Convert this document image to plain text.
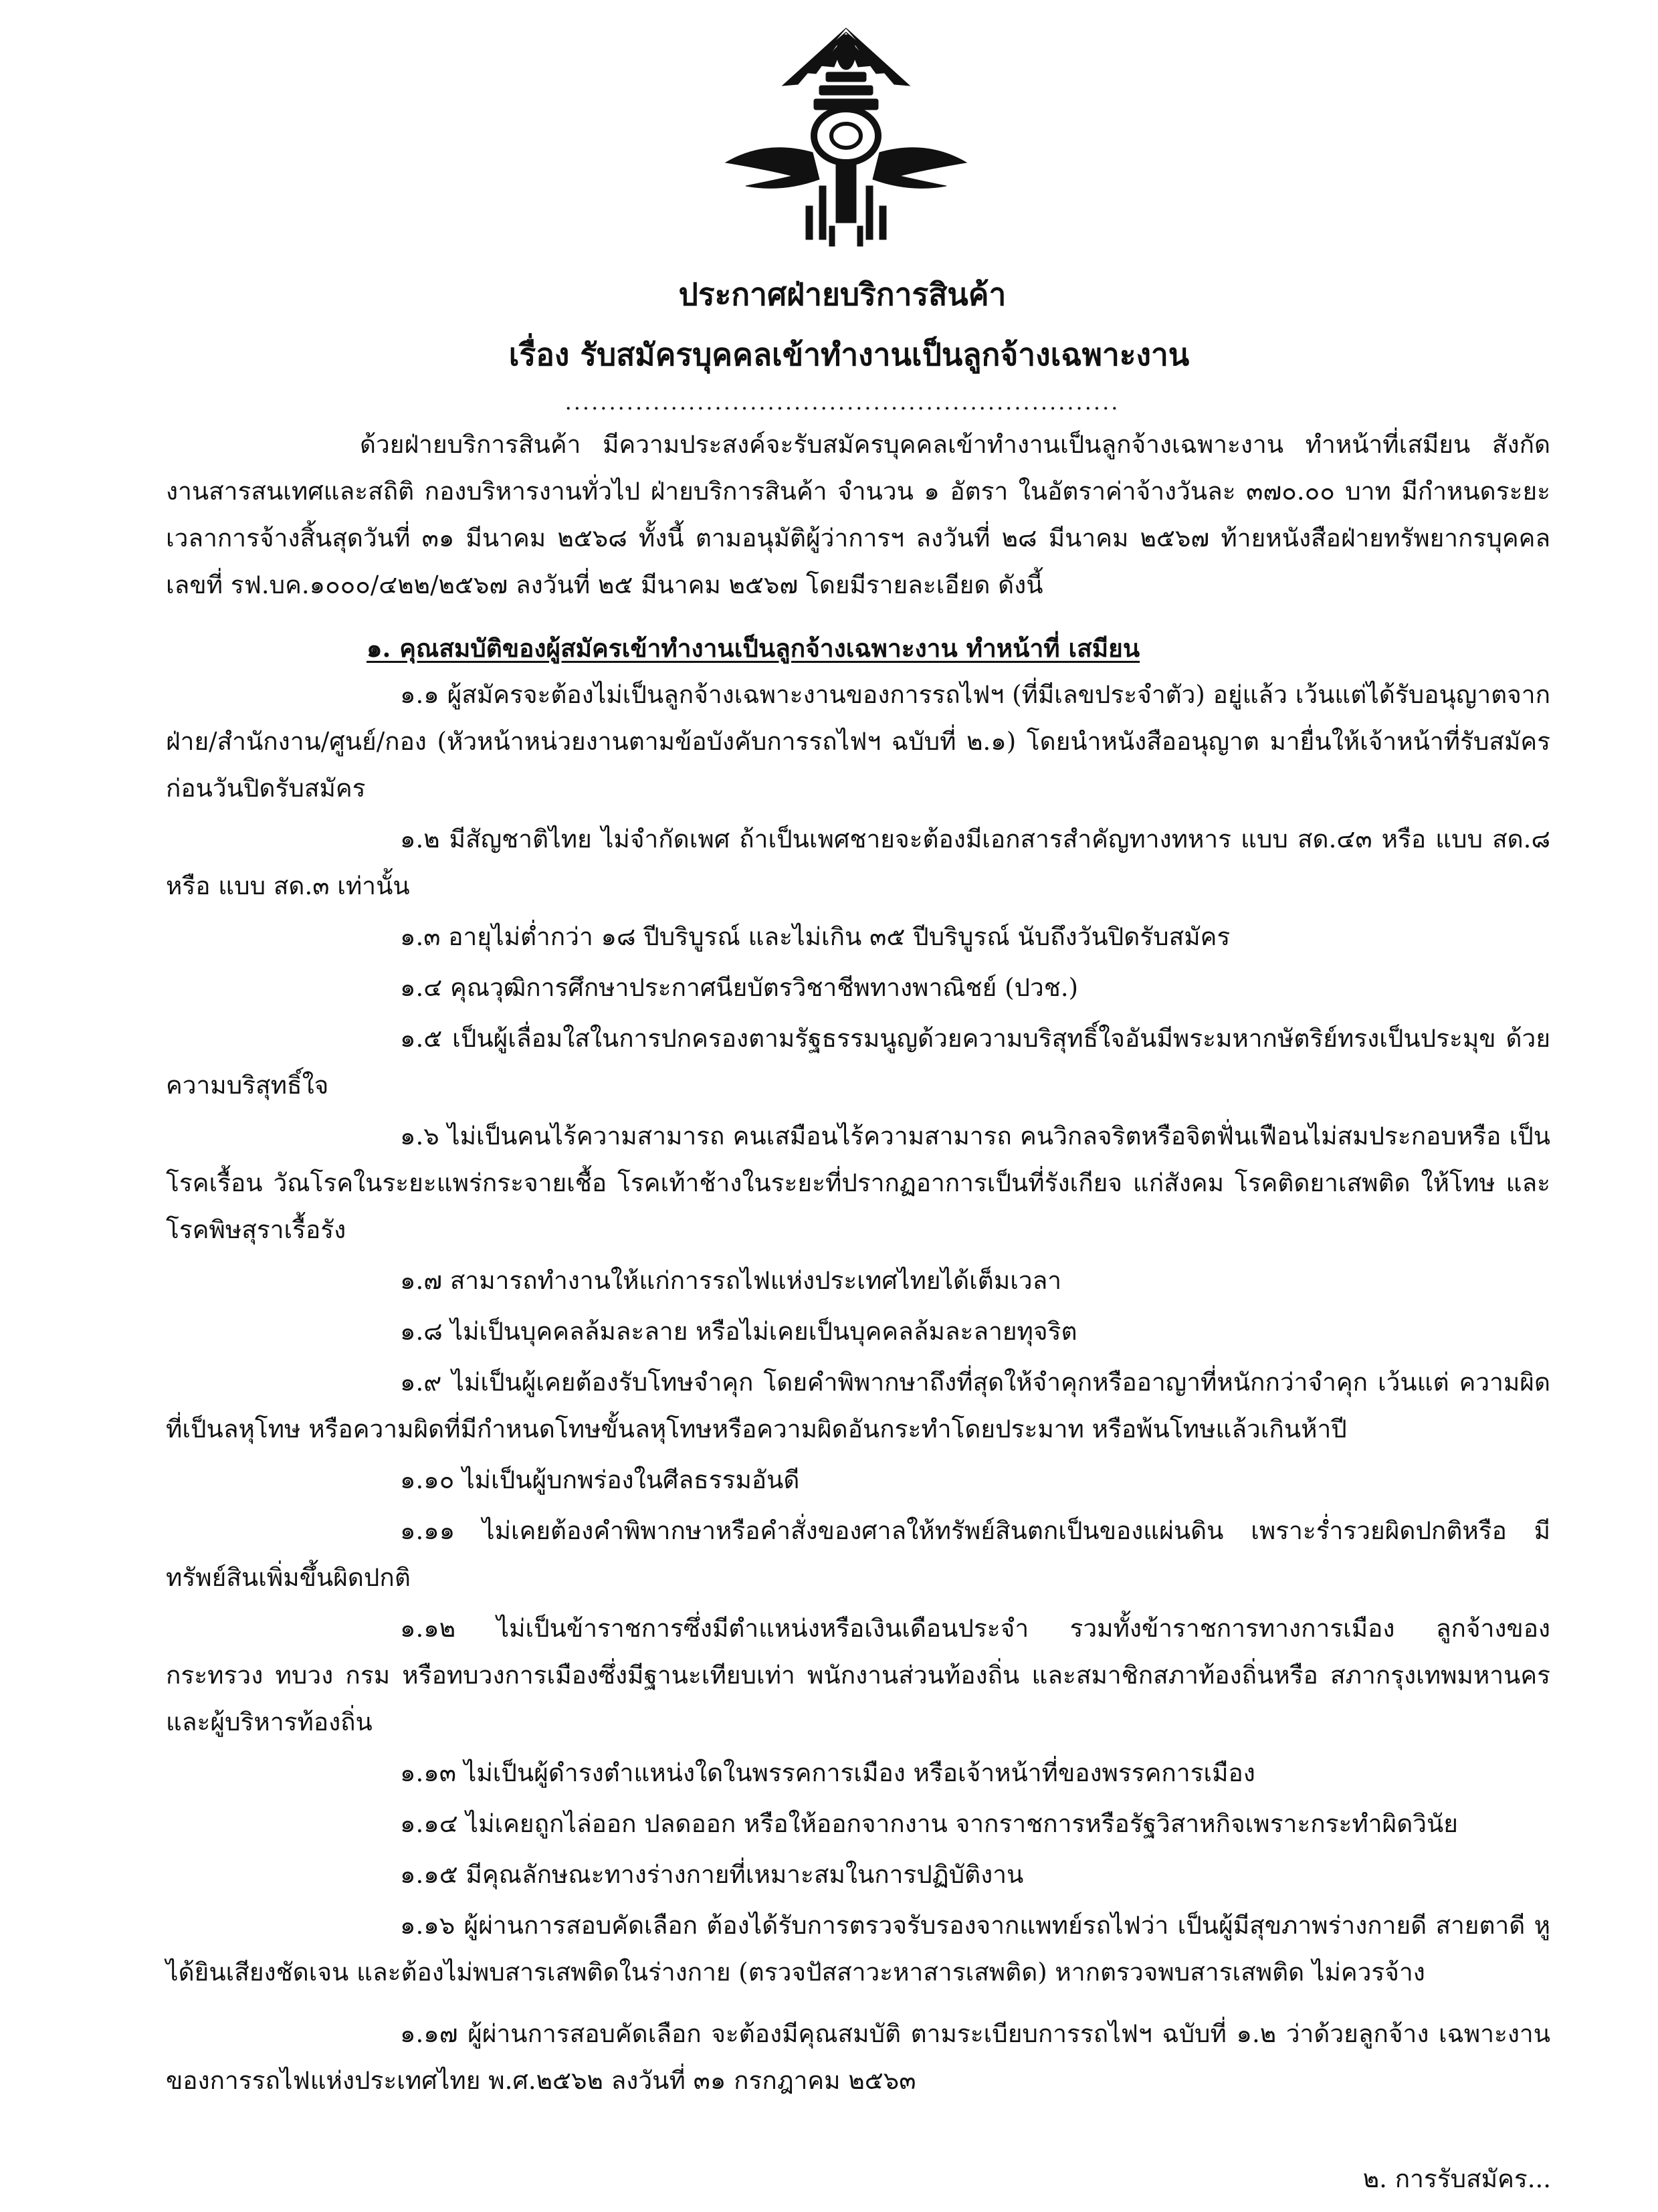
ประกาศฝ่ายบริการสินค้า
เรื่อง รับสมัครบุคคลเข้าทำงานเป็นลูกจ้างเฉพาะงาน
...............................................................

ด้วยฝ่ายบริการสินค้า มีความประสงค์จะรับสมัครบุคคลเข้าทำงานเป็นลูกจ้างเฉพาะงาน ทำหน้าที่เสมียน สังกัดงานสารสนเทศและสถิติ กองบริหารงานทั่วไป ฝ่ายบริการสินค้า จำนวน ๑ อัตรา ในอัตราค่าจ้างวันละ ๓๗๐.๐๐ บาท มีกำหนดระยะเวลาการจ้างสิ้นสุดวันที่ ๓๑ มีนาคม ๒๕๖๘ ทั้งนี้ ตามอนุมัติผู้ว่าการฯ ลงวันที่ ๒๘ มีนาคม ๒๕๖๗ ท้ายหนังสือฝ่ายทรัพยากรบุคคล เลขที่ รฟ.บค.๑๐๐๐/๔๒๒/๒๕๖๗ ลงวันที่ ๒๕ มีนาคม ๒๕๖๗ โดยมีรายละเอียด ดังนี้

๑. คุณสมบัติของผู้สมัครเข้าทำงานเป็นลูกจ้างเฉพาะงาน ทำหน้าที่ เสมียน

๑.๑ ผู้สมัครจะต้องไม่เป็นลูกจ้างเฉพาะงานของการรถไฟฯ (ที่มีเลขประจำตัว) อยู่แล้ว เว้นแต่ได้รับอนุญาตจากฝ่าย/สำนักงาน/ศูนย์/กอง (หัวหน้าหน่วยงานตามข้อบังคับการรถไฟฯ ฉบับที่ ๒.๑) โดยนำหนังสืออนุญาต มายื่นให้เจ้าหน้าที่รับสมัครก่อนวันปิดรับสมัคร

๑.๒ มีสัญชาติไทย ไม่จำกัดเพศ ถ้าเป็นเพศชายจะต้องมีเอกสารสำคัญทางทหาร แบบ สด.๔๓ หรือ แบบ สด.๘ หรือ แบบ สด.๓ เท่านั้น

๑.๓ อายุไม่ต่ำกว่า ๑๘ ปีบริบูรณ์ และไม่เกิน ๓๕ ปีบริบูรณ์ นับถึงวันปิดรับสมัคร

๑.๔ คุณวุฒิการศึกษาประกาศนียบัตรวิชาชีพทางพาณิชย์ (ปวช.)

๑.๕ เป็นผู้เลื่อมใสในการปกครองตามรัฐธรรมนูญด้วยความบริสุทธิ์ใจอันมีพระมหากษัตริย์ทรงเป็นประมุข ด้วยความบริสุทธิ์ใจ

๑.๖ ไม่เป็นคนไร้ความสามารถ คนเสมือนไร้ความสามารถ คนวิกลจริตหรือจิตฟั่นเฟือนไม่สมประกอบหรือ เป็นโรคเรื้อน วัณโรคในระยะแพร่กระจายเชื้อ โรคเท้าช้างในระยะที่ปรากฏอาการเป็นที่รังเกียจ แก่สังคม โรคติดยาเสพติด ให้โทษ และโรคพิษสุราเรื้อรัง

๑.๗ สามารถทำงานให้แก่การรถไฟแห่งประเทศไทยได้เต็มเวลา

๑.๘ ไม่เป็นบุคคลล้มละลาย หรือไม่เคยเป็นบุคคลล้มละลายทุจริต

๑.๙ ไม่เป็นผู้เคยต้องรับโทษจำคุก โดยคำพิพากษาถึงที่สุดให้จำคุกหรืออาญาที่หนักกว่าจำคุก เว้นแต่ ความผิดที่เป็นลหุโทษ หรือความผิดที่มีกำหนดโทษขั้นลหุโทษหรือความผิดอันกระทำโดยประมาท หรือพ้นโทษแล้วเกินห้าปี

๑.๑๐ ไม่เป็นผู้บกพร่องในศีลธรรมอันดี

๑.๑๑ ไม่เคยต้องคำพิพากษาหรือคำสั่งของศาลให้ทรัพย์สินตกเป็นของแผ่นดิน เพราะร่ำรวยผิดปกติหรือ มีทรัพย์สินเพิ่มขึ้นผิดปกติ

๑.๑๒ ไม่เป็นข้าราชการซึ่งมีตำแหน่งหรือเงินเดือนประจำ รวมทั้งข้าราชการทางการเมือง ลูกจ้างของ กระทรวง ทบวง กรม หรือทบวงการเมืองซึ่งมีฐานะเทียบเท่า พนักงานส่วนท้องถิ่น และสมาชิกสภาท้องถิ่นหรือ สภากรุงเทพมหานครและผู้บริหารท้องถิ่น

๑.๑๓ ไม่เป็นผู้ดำรงตำแหน่งใดในพรรคการเมือง หรือเจ้าหน้าที่ของพรรคการเมือง

๑.๑๔ ไม่เคยถูกไล่ออก ปลดออก หรือให้ออกจากงาน จากราชการหรือรัฐวิสาหกิจเพราะกระทำผิดวินัย

๑.๑๕ มีคุณลักษณะทางร่างกายที่เหมาะสมในการปฏิบัติงาน

๑.๑๖ ผู้ผ่านการสอบคัดเลือก ต้องได้รับการตรวจรับรองจากแพทย์รถไฟว่า เป็นผู้มีสุขภาพร่างกายดี สายตาดี หูได้ยินเสียงชัดเจน และต้องไม่พบสารเสพติดในร่างกาย (ตรวจปัสสาวะหาสารเสพติด) หากตรวจพบสารเสพติด ไม่ควรจ้าง

๑.๑๗ ผู้ผ่านการสอบคัดเลือก จะต้องมีคุณสมบัติ ตามระเบียบการรถไฟฯ ฉบับที่ ๑.๒ ว่าด้วยลูกจ้าง เฉพาะงานของการรถไฟแห่งประเทศไทย พ.ศ.๒๕๖๒ ลงวันที่ ๓๑ กรกฎาคม ๒๕๖๓

๒. การรับสมัคร...
